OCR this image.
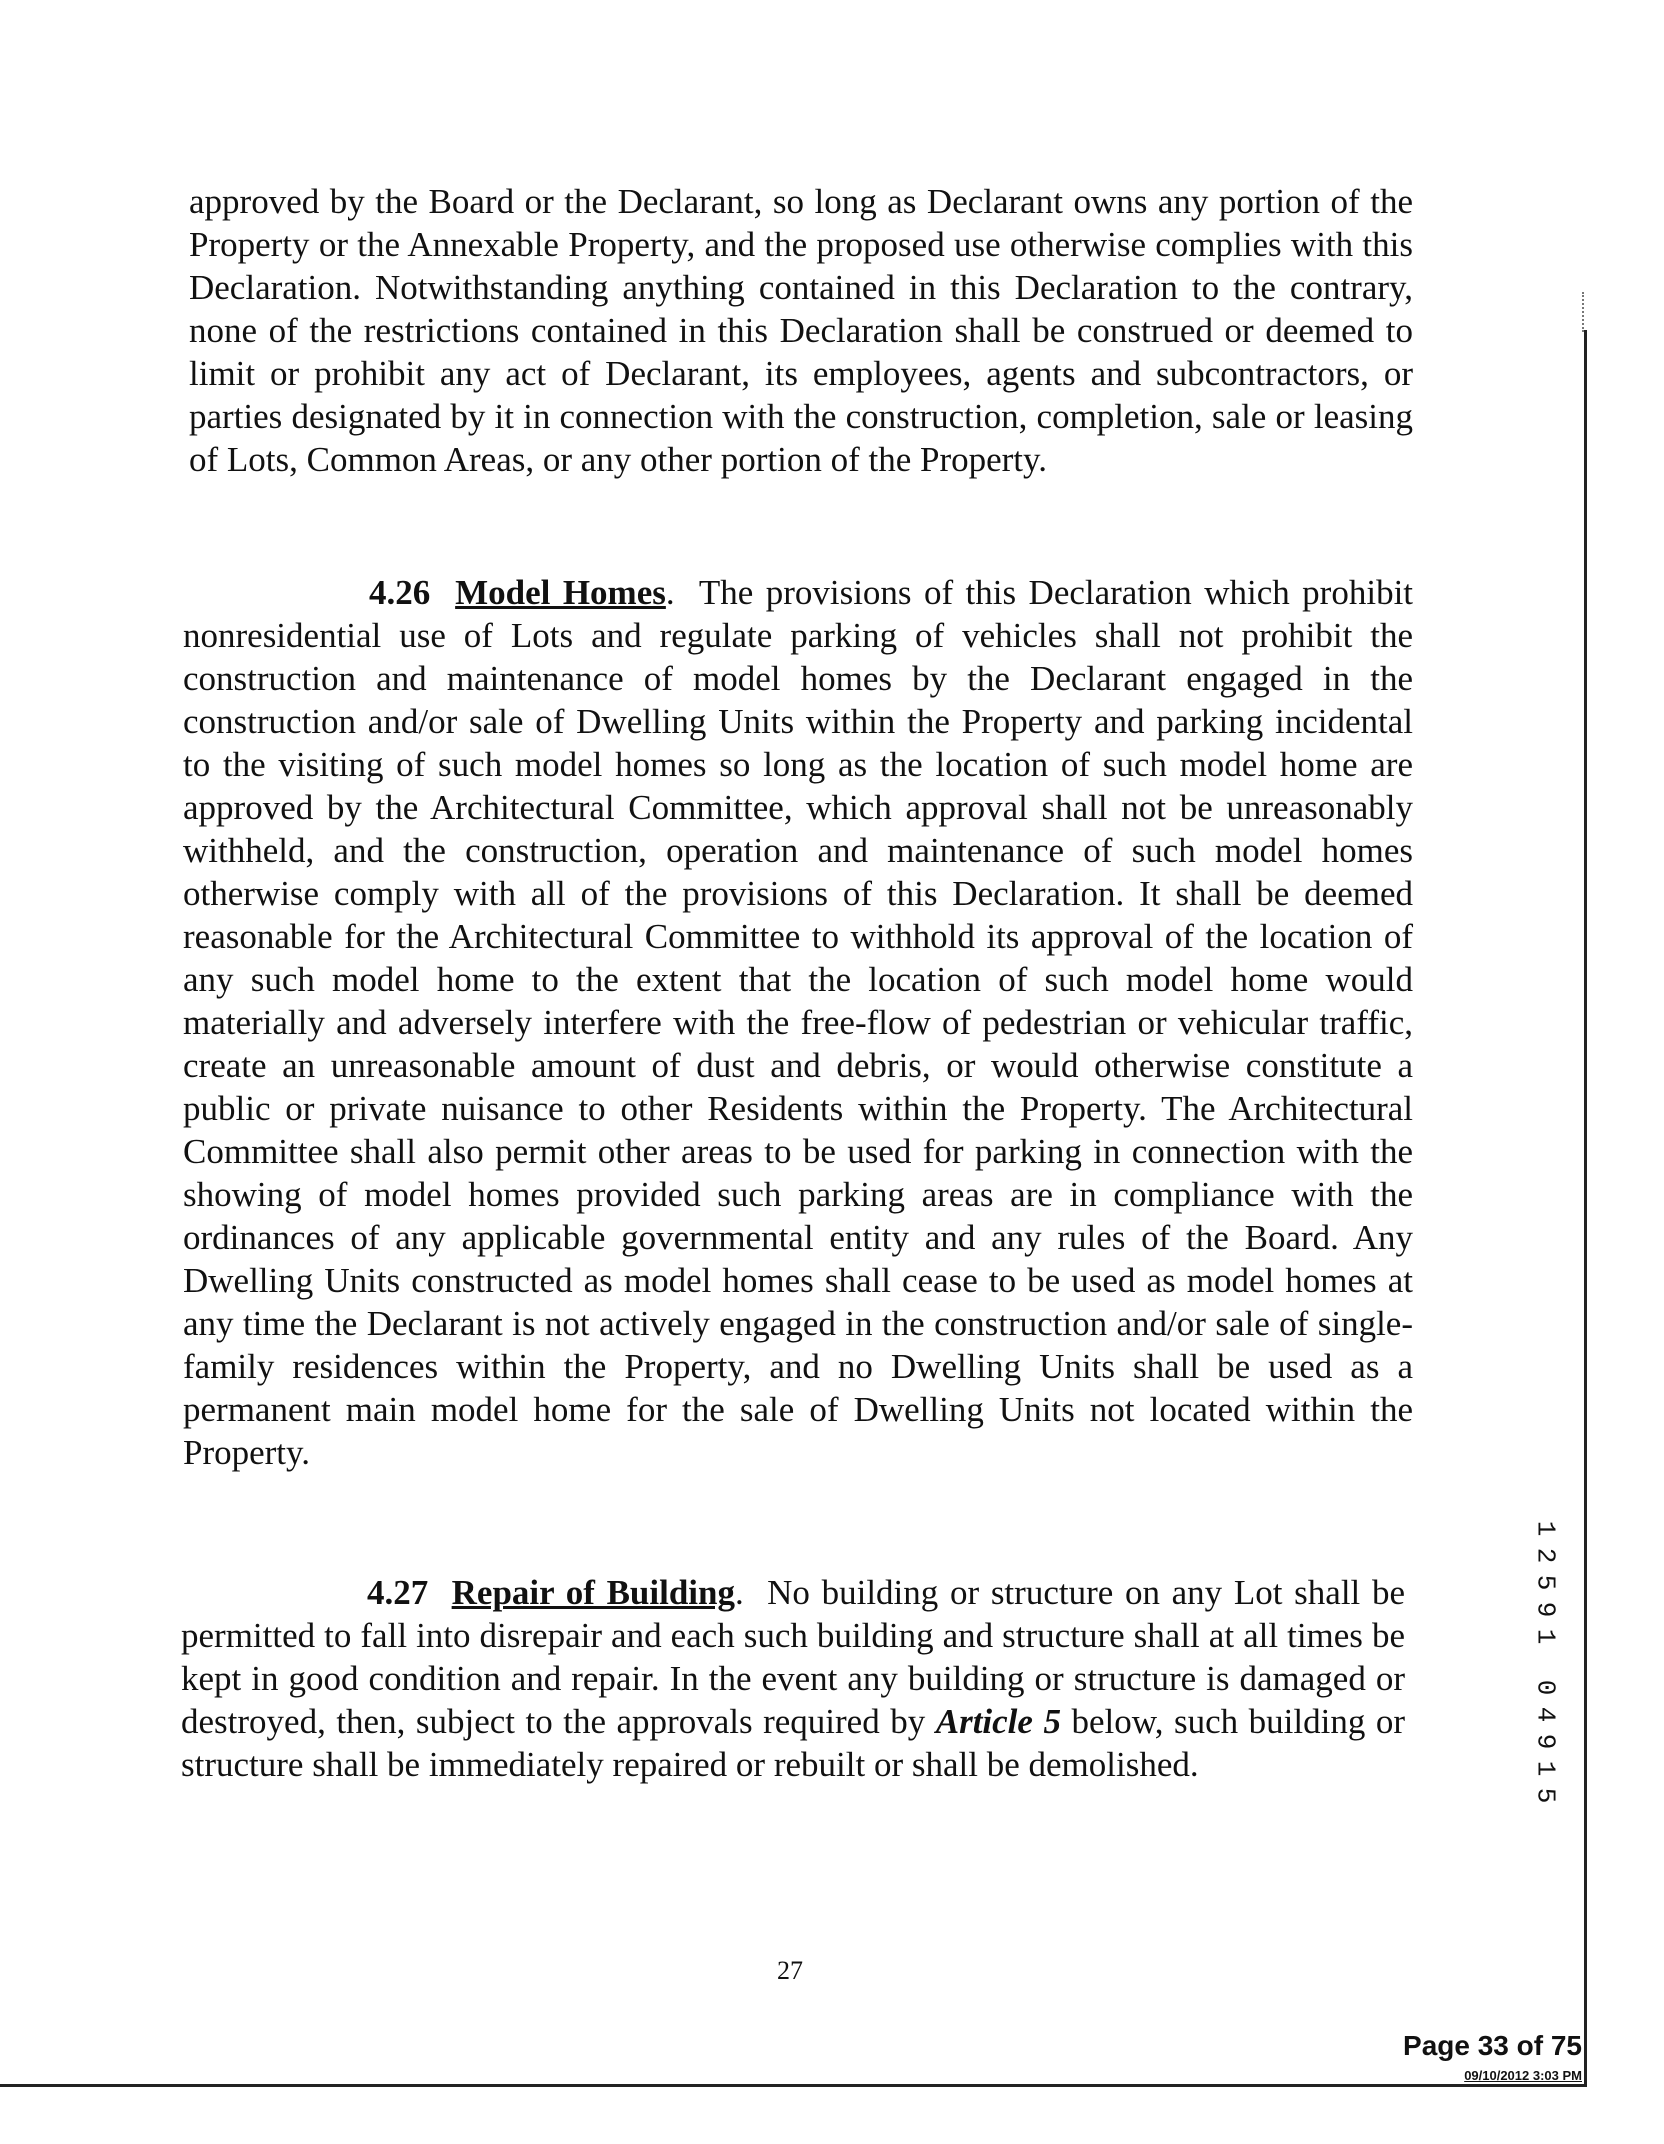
approved by the Board or the Declarant, so long as Declarant owns any portion of the Property or the Annexable Property, and the proposed use otherwise complies with this Declaration. Notwithstanding anything contained in this Declaration to the contrary, none of the restrictions contained in this Declaration shall be construed or deemed to limit or prohibit any act of Declarant, its employees, agents and subcontractors, or parties designated by it in connection with the construction, completion, sale or leasing of Lots, Common Areas, or any other portion of the Property.

4.26 Model Homes.  The provisions of this Declaration which prohibit nonresidential use of Lots and regulate parking of vehicles shall not prohibit the construction and maintenance of model homes by the Declarant engaged in the construction and/or sale of Dwelling Units within the Property and parking incidental to the visiting of such model homes so long as the location of such model home are approved by the Architectural Committee, which approval shall not be unreasonably withheld, and the construction, operation and maintenance of such model homes otherwise comply with all of the provisions of this Declaration. It shall be deemed reasonable for the Architectural Committee to withhold its approval of the location of any such model home to the extent that the location of such model home would materially and adversely interfere with the free-flow of pedestrian or vehicular traffic, create an unreasonable amount of dust and debris, or would otherwise constitute a public or private nuisance to other Residents within the Property. The Architectural Committee shall also permit other areas to be used for parking in connection with the showing of model homes provided such parking areas are in compliance with the ordinances of any applicable governmental entity and any rules of the Board. Any Dwelling Units constructed as model homes shall cease to be used as model homes at any time the Declarant is not actively engaged in the construction and/or sale of single-family residences within the Property, and no Dwelling Units shall be used as a permanent main model home for the sale of Dwelling Units not located within the Property.

4.27 Repair of Building.  No building or structure on any Lot shall be permitted to fall into disrepair and each such building and structure shall at all times be kept in good condition and repair. In the event any building or structure is damaged or destroyed, then, subject to the approvals required by Article 5 below, such building or structure shall be immediately repaired or rebuilt or shall be demolished.

27
1
2
5
9
1
0
4
9
1
5
Page 33 of 75
09/10/2012 3:03 PM
